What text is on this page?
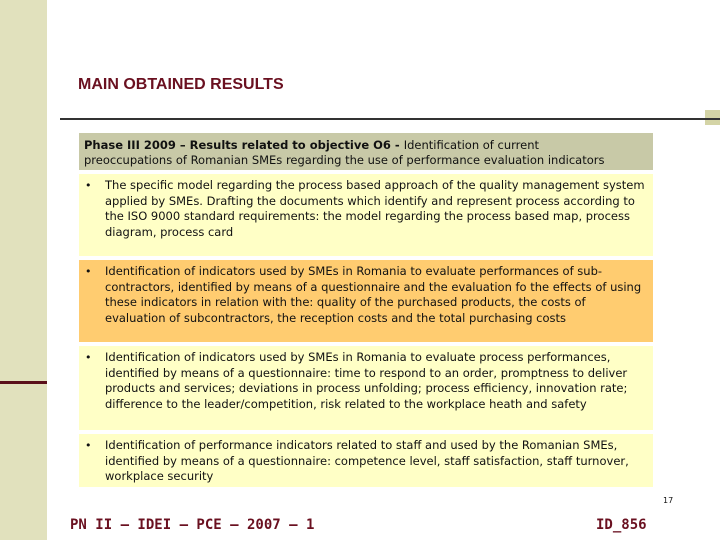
MAIN OBTAINED RESULTS
Phase III 2009 – Results related to objective O6 - Identification of current
preoccupations of Romanian SMEs regarding the use of performance evaluation indicators
•	The specific model regarding the process based approach of the quality management system applied by SMEs. Drafting the documents which identify and represent process according to the ISO 9000 standard requirements: the model regarding the process based map, process diagram, process card
•	Identification of indicators used by SMEs in Romania to evaluate performances of sub-contractors, identified by means of a questionnaire and the evaluation fo the effects of using these indicators in relation with the: quality of the purchased products, the costs of evaluation of subcontractors, the reception costs and the total purchasing costs
•	Identification of indicators used by SMEs in Romania to evaluate process performances, identified by means of a questionnaire: time to respond to an order, promptness to deliver products and services; deviations in process unfolding; process efficiency, innovation rate; difference to the leader/competition, risk related to the workplace heath and safety
•	Identification of performance indicators related to staff and used by the Romanian SMEs, identified by means of a questionnaire: competence level, staff satisfaction, staff turnover, workplace security
17
PN II – IDEI – PCE – 2007 – 1	ID_856
